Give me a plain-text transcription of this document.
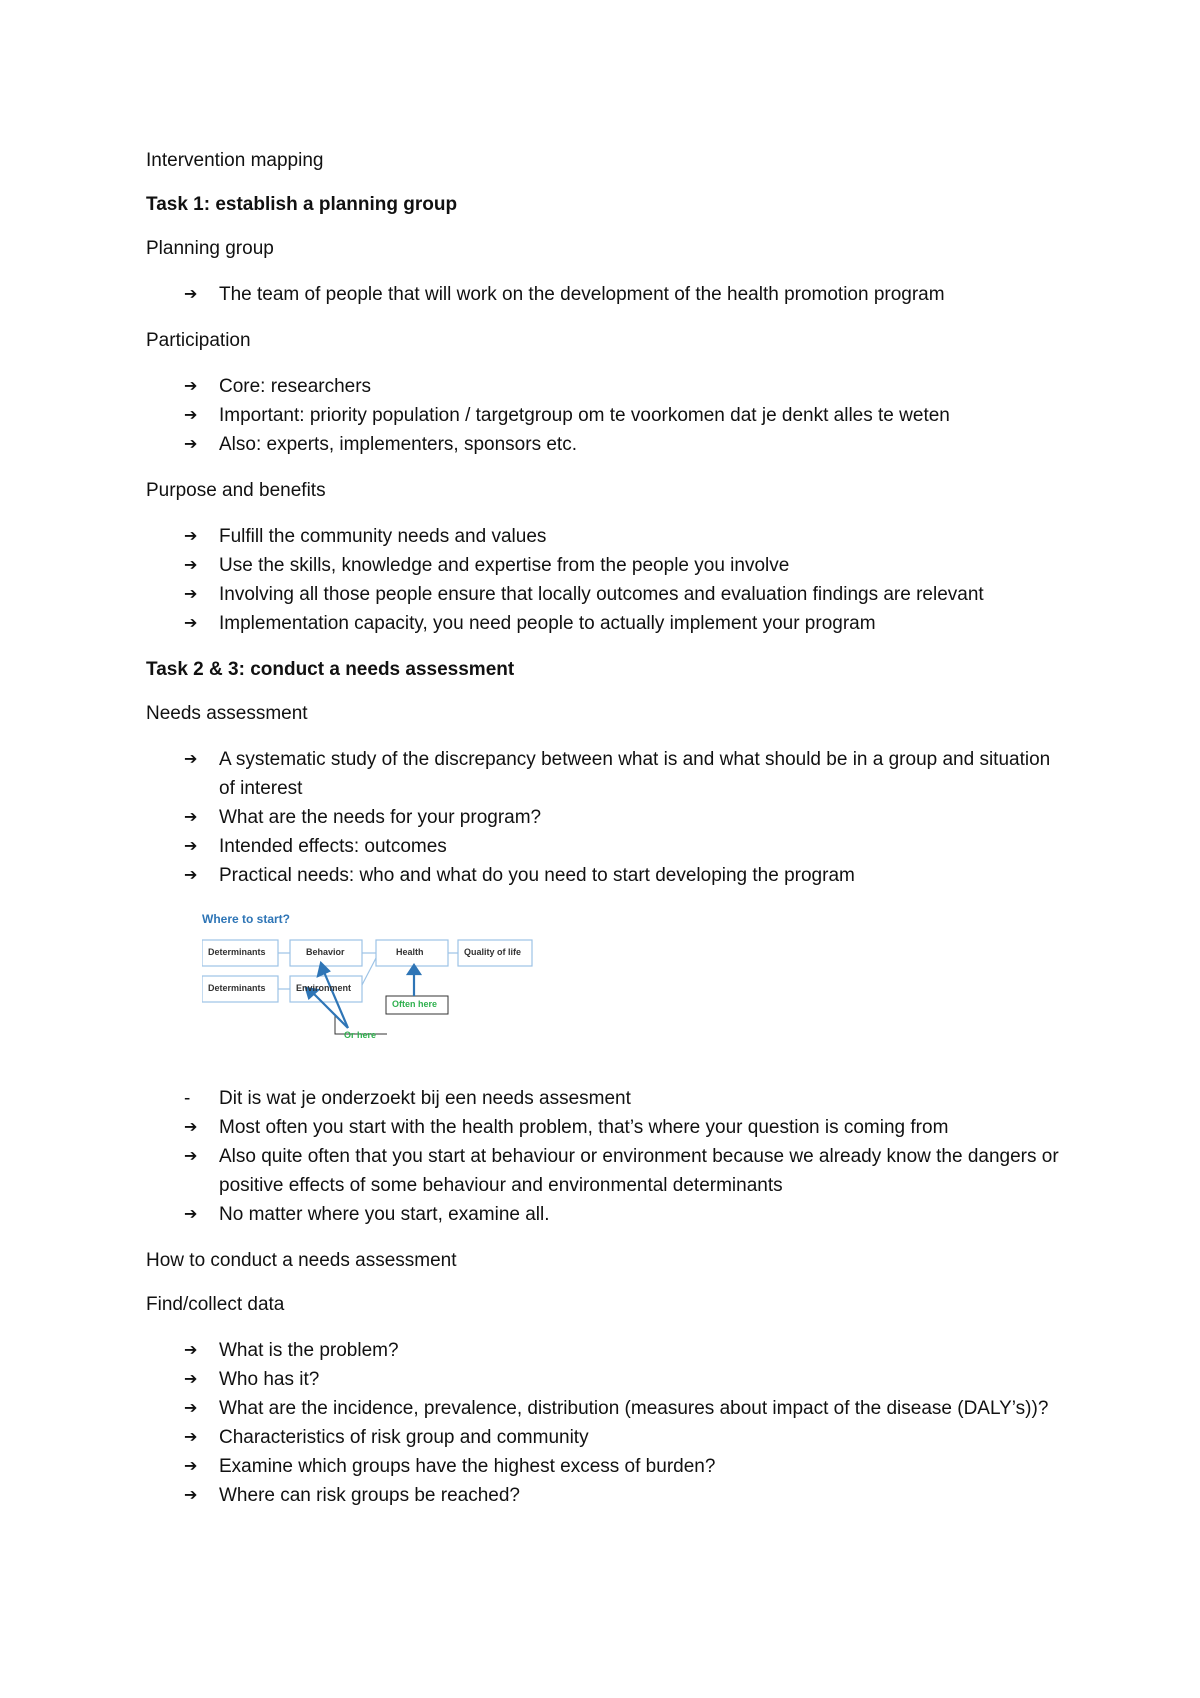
Intervention mapping

Task 1: establish a planning group

Planning group

➔ The team of people that will work on the development of the health promotion program

Participation

➔ Core: researchers
➔ Important: priority population / targetgroup om te voorkomen dat je denkt alles te weten
➔ Also: experts, implementers, sponsors etc.

Purpose and benefits

➔ Fulfill the community needs and values
➔ Use the skills, knowledge and expertise from the people you involve
➔ Involving all those people ensure that locally outcomes and evaluation findings are relevant
➔ Implementation capacity, you need people to actually implement your program

Task 2 & 3: conduct a needs assessment

Needs assessment

➔ A systematic study of the discrepancy between what is and what should be in a group and situation of interest
➔ What are the needs for your program?
➔ Intended effects: outcomes
➔ Practical needs: who and what do you need to start developing the program
Where to start?
Determinants	Behavior	Health	Quality of life
Determinants	Environment
Often here
Or here
- Dit is wat je onderzoekt bij een needs assesment
➔ Most often you start with the health problem, that’s where your question is coming from
➔ Also quite often that you start at behaviour or environment because we already know the dangers or positive effects of some behaviour and environmental determinants
➔ No matter where you start, examine all.

How to conduct a needs assessment

Find/collect data

➔ What is the problem?
➔ Who has it?
➔ What are the incidence, prevalence, distribution (measures about impact of the disease (DALY’s))?
➔ Characteristics of risk group and community
➔ Examine which groups have the highest excess of burden?
➔ Where can risk groups be reached?
